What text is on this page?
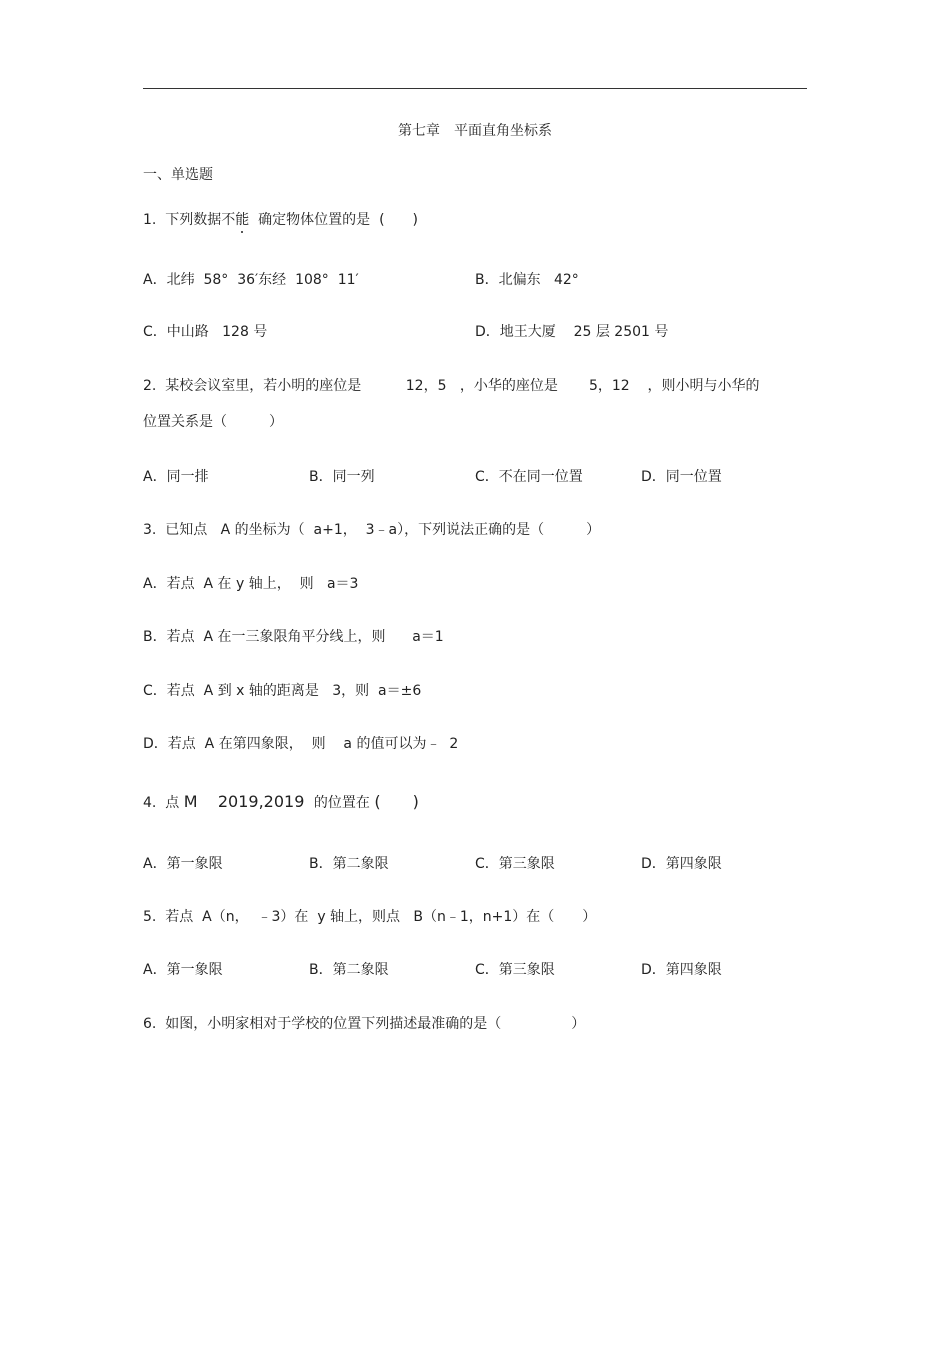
第七章　平面直角坐标系
一、单选题
1.  下列数据不能  确定物体位置的是  (　　)
A．北纬  58°  36′东经  108°  11′	B．北偏东   42°
C．中山路   128 号	D．地王大厦    25 层 2501 号
2.  某校会议室里，若小明的座位是          12，5   ，小华的座位是       5，12    ，则小明与小华的
位置关系是（　　　）
A．同一排	B．同一列	C．不在同一位置	D．同一位置
3.  已知点   A 的坐标为（  a+1，  3﹣a），下列说法正确的是（　　　）
A．若点  A 在 y 轴上，  则   a＝3
B．若点  A 在一三象限角平分线上，则      a＝1
C．若点  A 到 x 轴的距离是   3，则  a＝±6
D．若点  A 在第四象限，  则    a 的值可以为﹣  2
4.  点 M    2019,2019  的位置在 (　　)
A．第一象限	B．第二象限	C．第三象限	D．第四象限
5.  若点  A（n，  ﹣3）在  y 轴上，则点   B（n﹣1，n+1）在（　　）
A．第一象限	B．第二象限	C．第三象限	D．第四象限
6.  如图，小明家相对于学校的位置下列描述最准确的是（　　　　　）
